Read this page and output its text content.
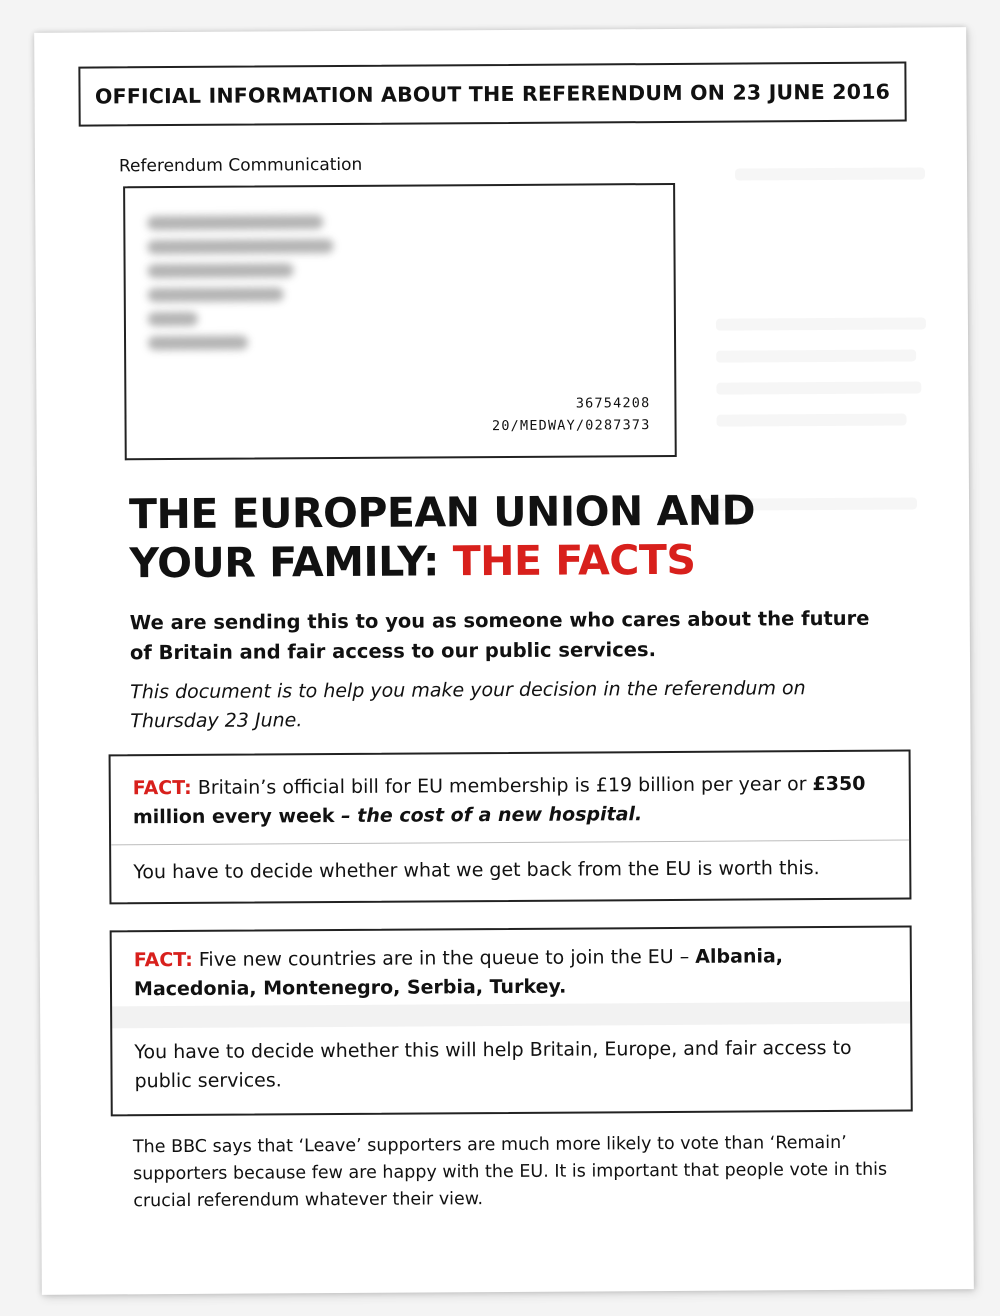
OFFICIAL INFORMATION ABOUT THE REFERENDUM ON 23 JUNE 2016
Referendum Communication
36754208
20/MEDWAY/0287373
THE EUROPEAN UNION AND
YOUR FAMILY: THE FACTS
We are sending this to you as someone who cares about the future of Britain and fair access to our public services.
This document is to help you make your decision in the referendum on Thursday 23 June.
FACT: Britain’s official bill for EU membership is £19 billion per year or £350 million every week – the cost of a new hospital.
You have to decide whether what we get back from the EU is worth this.
FACT: Five new countries are in the queue to join the EU – Albania, Macedonia, Montenegro, Serbia, Turkey.
You have to decide whether this will help Britain, Europe, and fair access to public services.
The BBC says that ‘Leave’ supporters are much more likely to vote than ‘Remain’ supporters because few are happy with the EU. It is important that people vote in this crucial referendum whatever their view.
